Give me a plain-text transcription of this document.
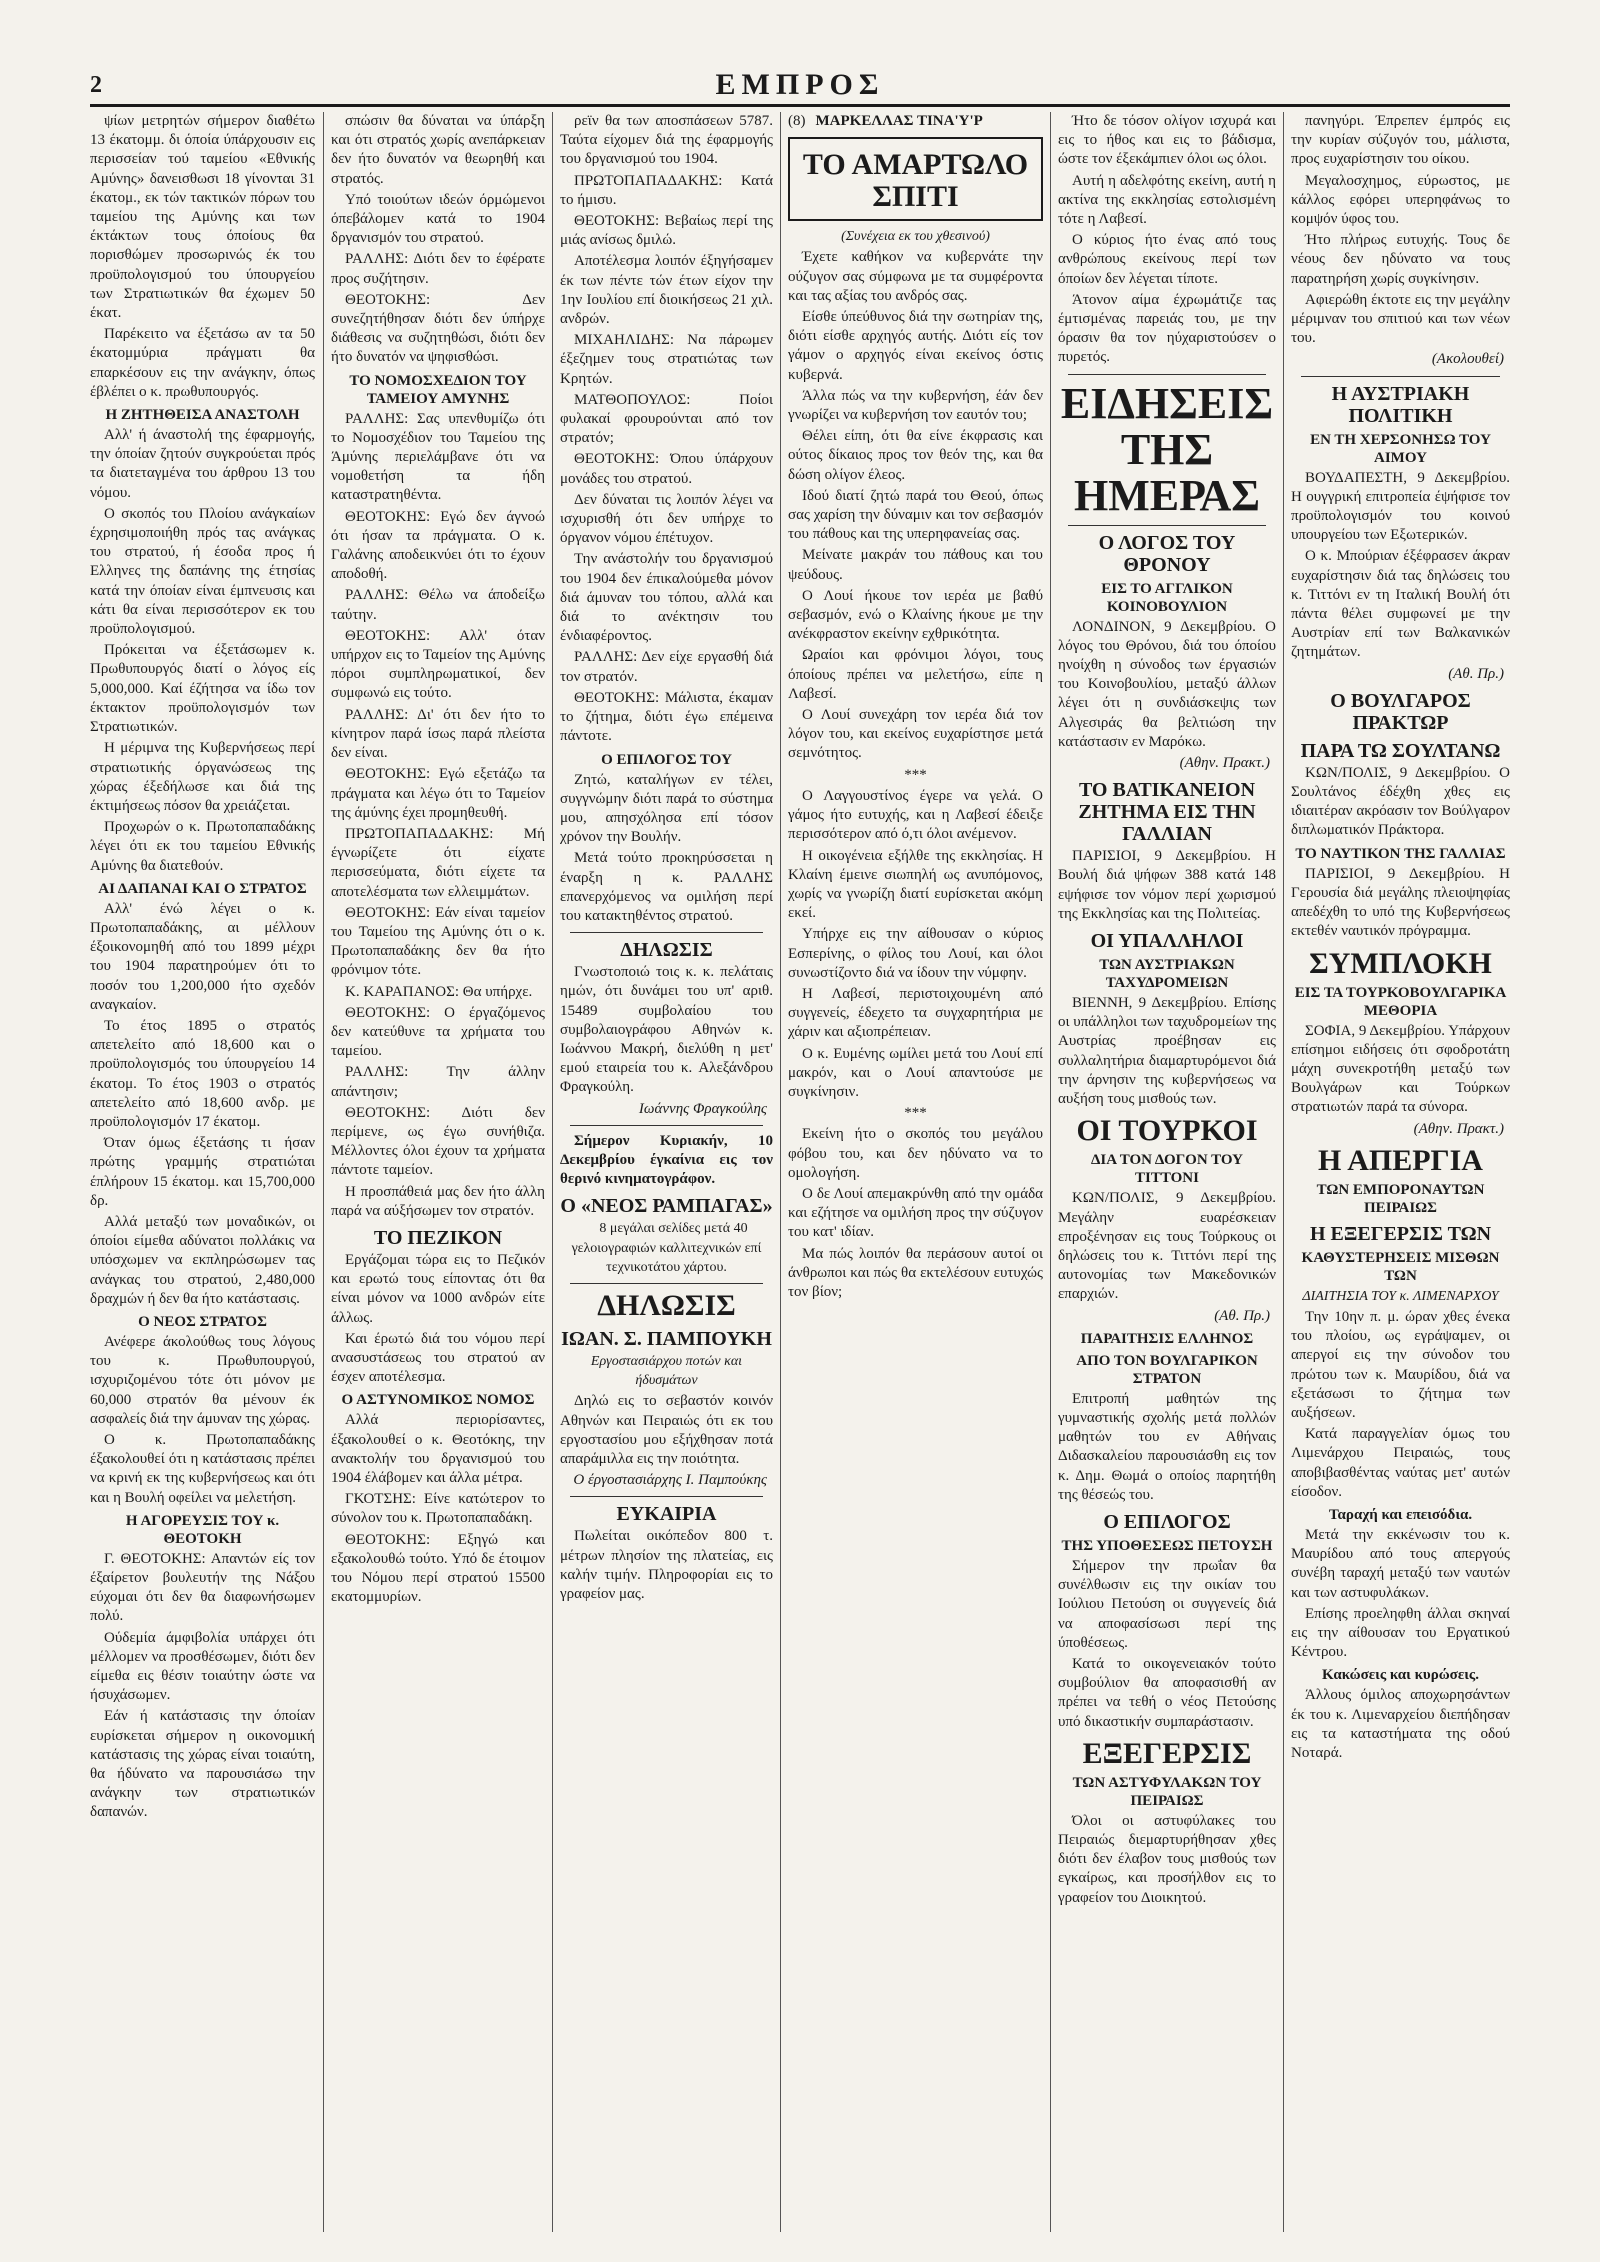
2	ΕΜΠΡΟΣ

ψίων μετρητών σήμερον διαθέτω 13 έκατομμ. δι όποία ύπάρχουσιν εις περισσείαν τού ταμείου «Εθνικής Αμύνης» δανεισθωσι 18 γίνονται 31 έκατομ., εκ τών τακτικών πόρων του ταμείου της Αμύνης και των έκτάκτων τους όποίους θα πορισθώμεν προσωρινώς έκ του προϋπολογισμού του ύπουργείου των Στρατιωτικών θα έχωμεν 50 έκατ.

Παρέκειτο να έξετάσω αν τα 50 έκατομμύρια πράγματι θα επαρκέσουν εις την ανάγκην, όπως έβλέπει ο κ. πρωθυπουργός.

Η ΖΗΤΗΘΕΙΣΑ ΑΝΑΣΤΟΛΗ

Αλλ' ή άναστολή της έφαρμογής, την όποίαν ζητούν συγκρούεται πρός τα διατεταγμένα του άρθρου 13 του νόμου.

Ο σκοπός του Πλοίου ανάγκαίων έχρησιμοποιήθη πρός τας ανάγκας του στρατού, ή έσοδα προς ή Ελληνες της δαπάνης της έτησίας κατά την όποίαν είναι έμπνευσις και κάτι θα είναι περισσότερον εκ του προϋπολογισμού.

Πρόκειται να έξετάσωμεν κ. Πρωθυπουργός διατί ο λόγος είς 5,000,000. Καί έζήτησα να ίδω τον έκτακτον προϋπολογισμόν των Στρατιωτικών.

Η μέριμνα της Κυβερνήσεως περί στρατιωτικής όργανώσεως της χώρας έξεδήλωσε και διά της έκτιμήσεως πόσον θα χρειάζεται.

Προχωρών ο κ. Πρωτοπαπαδάκης λέγει ότι εκ του ταμείου Εθνικής Αμύνης θα διατεθούν.

ΑΙ ΔΑΠΑΝΑΙ ΚΑΙ Ο ΣΤΡΑΤΟΣ

Αλλ' ένώ λέγει ο κ. Πρωτοπαπαδάκης, αι μέλλουν έξοικονομηθή από του 1899 μέχρι του 1904 παρατηρούμεν ότι το ποσόν του 1,200,000 ήτο σχεδόν αναγκαίον.

Το έτος 1895 ο στρατός απετελείτο από 18,600 και ο προϋπολογισμός του ύπουργείου 14 έκατομ. Το έτος 1903 ο στρατός απετελείτο από 18,600 ανδρ. με προϋπολογισμόν 17 έκατομ.

Όταν όμως έξετάσης τι ήσαν πρώτης γραμμής στρατιώται έπλήρουν 15 έκατομ. και 15,700,000 δρ.

Αλλά μεταξύ των μοναδικών, οι όποίοι είμεθα αδύνατοι πολλάκις να υπόσχωμεν να εκπληρώσωμεν τας ανάγκας του στρατού, 2,480,000 δραχμών ή δεν θα ήτο κατάστασις.

Ο ΝΕΟΣ ΣΤΡΑΤΟΣ

Ανέφερε άκολούθως τους λόγους του κ. Πρωθυπουργού, ισχυριζομένου τότε ότι μόνον με 60,000 στρατόν θα μένουν έκ ασφαλείς διά την άμυναν της χώρας.

Ο κ. Πρωτοπαπαδάκης έξακολουθεί ότι η κατάστασις πρέπει να κρινή εκ της κυβερνήσεως και ότι και η Βουλή οφείλει να μελετήση.

Η ΑΓΟΡΕΥΣΙΣ ΤΟΥ κ. ΘΕΟΤΟΚΗ

Γ. ΘΕΟΤΟΚΗΣ: Απαντών είς τον έξαίρετον βουλευτήν της Νάξου εύχομαι ότι δεν θα διαφωνήσωμεν πολύ.

Ούδεμία άμφιβολία υπάρχει ότι μέλλομεν να προσθέσωμεν, διότι δεν είμεθα εις θέσιν τοιαύτην ώστε να ήσυχάσωμεν.

Εάν ή κατάστασις την όποίαν ευρίσκεται σήμερον η οικονομική κατάστασις της χώρας είναι τοιαύτη, θα ήδύνατο να παρουσιάσω την ανάγκην των στρατιωτικών δαπανών.

σπώσιν θα δύναται να ύπάρξη και ότι στρατός χωρίς ανεπάρκειαν δεν ήτο δυνατόν να θεωρηθή και στρατός.

Υπό τοιούτων ιδεών όρμώμενοι όπεβάλομεν κατά το 1904 δργανισμόν του στρατού.

ΡΑΛΛΗΣ: Διότι δεν το έφέρατε προς συζήτησιν.

ΘΕΟΤΟΚΗΣ: Δεν συνεζητήθησαν διότι δεν ύπήρχε διάθεσις να συζητηθώσι, διότι δεν ήτο δυνατόν να ψηφισθώσι.

ΤΟ ΝΟΜΟΣΧΕΔΙΟΝ ΤΟΥ ΤΑΜΕΙΟΥ ΑΜΥΝΗΣ

ΡΑΛΛΗΣ: Σας υπενθυμίζω ότι το Νομοσχέδιον του Ταμείου της Άμύνης περιελάμβανε ότι να νομοθετήση τα ήδη καταστρατηθέντα.

ΘΕΟΤΟΚΗΣ: Εγώ δεν άγνοώ ότι ήσαν τα πράγματα. Ο κ. Γαλάνης αποδεικνύει ότι το έχουν αποδοθή.

ΡΑΛΛΗΣ: Θέλω να άποδείξω ταύτην.

ΘΕΟΤΟΚΗΣ: Αλλ' όταν υπήρχον εις το Ταμείον της Αμύνης πόροι συμπληρωματικοί, δεν συμφωνώ εις τούτο.

ΡΑΛΛΗΣ: Δι' ότι δεν ήτο το κίνητρον παρά ίσως παρά πλείστα δεν είναι.

ΘΕΟΤΟΚΗΣ: Εγώ εξετάζω τα πράγματα και λέγω ότι το Ταμείον της άμύνης έχει προμηθευθή.

ΠΡΩΤΟΠΑΠΑΔΑΚΗΣ: Μή έγνωρίζετε ότι είχατε περισσεύματα, διότι είχετε τα αποτελέσματα των ελλειμμάτων.

ΘΕΟΤΟΚΗΣ: Εάν είναι ταμείον του Ταμείου της Αμύνης ότι ο κ. Πρωτοπαπαδάκης δεν θα ήτο φρόνιμον τότε.

Κ. ΚΑΡΑΠΑΝΟΣ: Θα υπήρχε.

ΘΕΟΤΟΚΗΣ: Ο έργαζόμενος δεν κατεύθυνε τα χρήματα του ταμείου.

ΡΑΛΛΗΣ: Την άλλην απάντησιν;

ΘΕΟΤΟΚΗΣ: Διότι δεν περίμενε, ως έγω συνήθιζα. Μέλλοντες όλοι έχουν τα χρήματα πάντοτε ταμείον.

Η προσπάθειά μας δεν ήτο άλλη παρά να αύξήσωμεν τον στρατόν.

ΤΟ ΠΕΖΙΚΟΝ

Εργάζομαι τώρα εις το Πεζικόν και ερωτώ τους είποντας ότι θα είναι μόνον να 1000 ανδρών είτε άλλως.

Και έρωτώ διά του νόμου περί ανασυστάσεως του στρατού αν έσχεν αποτέλεσμα.

Ο ΑΣΤΥΝΟΜΙΚΟΣ ΝΟΜΟΣ

Αλλά περιορίσαντες, έξακολουθεί ο κ. Θεοτόκης, την ανακτολήν του δργανισμού του 1904 έλάβομεν και άλλα μέτρα.

ΓΚΟΤΣΗΣ: Είνε κατώτερον το σύνολον του κ. Πρωτοπαπαδάκη.

ΘΕΟΤΟΚΗΣ: Εξηγώ και εξακολουθώ τούτο. Υπό δε έτοιμον του Νόμου περί στρατού 15500 εκατομμυρίων.

ρεϊν θα των αποσπάσεων 5787. Ταύτα είχομεν διά της έφαρμογής του δργανισμού του 1904.

ΠΡΩΤΟΠΑΠΑΔΑΚΗΣ: Κατά το ήμισυ.

ΘΕΟΤΟΚΗΣ: Βεβαίως περί της μιάς ανίσως δμιλώ.

Αποτέλεσμα λοιπόν έξηγήσαμεν έκ των πέντε τών έτων είχον την 1ην Ιουλίου επί διοικήσεως 21 χιλ. ανδρών.

ΜΙΧΑΗΛΙΔΗΣ: Να πάρωμεν έξεζημεν τους στρατιώτας των Κρητών.

ΜΑΤΘΟΠΟΥΛΟΣ: Ποίοι φυλακαί φρουρούνται από τον στρατόν;

ΘΕΟΤΟΚΗΣ: Όπου ύπάρχουν μονάδες του στρατού.

Δεν δύναται τις λοιπόν λέγει να ισχυρισθή ότι δεν υπήρχε το όργανον νόμου έπέτυχον.

Την ανάστολήν του δργανισμού του 1904 δεν έπικαλούμεθα μόνον διά άμυναν του τόπου, αλλά και διά το ανέκτησιν του ένδιαφέροντος.

ΡΑΛΛΗΣ: Δεν είχε εργασθή διά τον στρατόν.

ΘΕΟΤΟΚΗΣ: Μάλιστα, έκαμαν το ζήτημα, διότι έγω επέμεινα πάντοτε.

Ο ΕΠΙΛΟΓΟΣ ΤΟΥ

Ζητώ, καταλήγων εν τέλει, συγγνώμην διότι παρά το σύστημα μου, απησχόλησα επί τόσον χρόνον την Βουλήν.

Μετά τούτο προκηρύσσεται η έναρξη η κ. ΡΑΛΛΗΣ επανερχόμενος να ομιλήση περί του κατακτηθέντος στρατού.

ΔΗΛΩΣΙΣ

Γνωστοποιώ τοις κ. κ. πελάταις ημών, ότι δυνάμει του υπ' αριθ. 15489 συμβολαίου του συμβολαιογράφου Αθηνών κ. Ιωάννου Μακρή, διελύθη η μετ' εμού εταιρεία του κ. Αλεξάνδρου Φραγκούλη.

Ιωάννης Φραγκούλης

Σήμερον Κυριακήν, 10 Δεκεμβρίου έγκαίνια εις τον θερινό κινηματογράφον.

Ο «ΝΕΟΣ ΡΑΜΠΑΓΑΣ»

8 μεγάλαι σελίδες μετά 40 γελοιογραφιών καλλιτεχνικών επί τεχνικοτάτου χάρτου.

ΔΗΛΩΣΙΣ
ΙΩΑΝ. Σ. ΠΑΜΠΟΥΚΗ
Εργοστασιάρχου ποτών και ήδυσμάτων

Δηλώ εις το σεβαστόν κοινόν Αθηνών και Πειραιώς ότι εκ του εργοστασίου μου εξήχθησαν ποτά απαράμιλλα εις την ποιότητα.

Ο έργοστασιάρχης Ι. Παμπούκης
ΕΥΚΑΙΡΙΑ

Πωλείται οικόπεδον 800 τ. μέτρων πλησίον της πλατείας, εις καλήν τιμήν. Πληροφορίαι εις το γραφείον μας.

(8) ΜΑΡΚΕΛΛΑΣ ΤΙΝΑ'Υ'Ρ
ΤΟ ΑΜΑΡΤΩΛΟ ΣΠΙΤΙ
(Συνέχεια εκ του χθεσινού)

Έχετε καθήκον να κυβερνάτε την ούζυγον σας σύμφωνα με τα συμφέροντα και τας αξίας του ανδρός σας.

Είσθε ύπεύθυνος διά την σωτηρίαν της, διότι είσθε αρχηγός αυτής. Διότι είς τον γάμον ο αρχηγός είναι εκείνος όστις κυβερνά.

Άλλα πώς να την κυβερνήση, έάν δεν γνωρίζει να κυβερνήση τον εαυτόν του;

Θέλει είπη, ότι θα είνε έκφρασις και ούτος δίκαιος προς τον θεόν της, και θα δώση ολίγον έλεος.

Ιδού διατί ζητώ παρά του Θεού, όπως σας χαρίση την δύναμιν και τον σεβασμόν του πάθους και της υπερηφανείας σας.

Μείνατε μακράν του πάθους και του ψεύδους.

Ο Λουί ήκουε τον ιερέα με βαθύ σεβασμόν, ενώ ο Κλαίνης ήκουε με την ανέκφραστον εκείνην εχθρικότητα.

Ωραίοι και φρόνιμοι λόγοι, τους όποίους πρέπει να μελετήσω, είπε η Λαβεσί.

Ο Λουί συνεχάρη τον ιερέα διά τον λόγον του, και εκείνος ευχαρίστησε μετά σεμνότητος.

***

Ο Λαγγουστίνος έγερε να γελά. Ο γάμος ήτο ευτυχής, και η Λαβεσί έδειξε περισσότερον από ό,τι όλοι ανέμενον.

Η οικογένεια εξήλθε της εκκλησίας. Η Κλαίνη έμεινε σιωπηλή ως ανυπόμονος, χωρίς να γνωρίζη διατί ευρίσκεται ακόμη εκεί.

Υπήρχε εις την αίθουσαν ο κύριος Εσπερίνης, ο φίλος του Λουί, και όλοι συνωστίζοντο διά να ίδουν την νύμφην.

Η Λαβεσί, περιστοιχουμένη από συγγενείς, έδεχετο τα συγχαρητήρια με χάριν και αξιοπρέπειαν.

Ο κ. Ευμένης ωμίλει μετά του Λουί επί μακρόν, και ο Λουί απαντούσε με συγκίνησιν.

***

Εκείνη ήτο ο σκοπός του μεγάλου φόβου του, και δεν ηδύνατο να το ομολογήση.

Ο δε Λουί απεμακρύνθη από την ομάδα και εζήτησε να ομιλήση προς την σύζυγον του κατ' ιδίαν.

Μα πώς λοιπόν θα περάσουν αυτοί οι άνθρωποι και πώς θα εκτελέσουν ευτυχώς τον βίον;

Ήτο δε τόσον ολίγον ισχυρά και εις το ήθος και εις το βάδισμα, ώστε τον έξεκάμπιεν όλοι ως όλοι.

Αυτή η αδελφότης εκείνη, αυτή η ακτίνα της εκκλησίας εστολισμένη τότε η Λαβεσί.

Ο κύριος ήτο ένας από τους ανθρώπους εκείνους περί των όποίων δεν λέγεται τίποτε.

Άτονον αίμα έχρωμάτιζε τας έμτισμένας παρειάς του, με την όρασιν θα τον ηύχαριστούσεν ο πυρετός.

ΕΙΔΗΣΕΙΣ ΤΗΣ ΗΜΕΡΑΣ
Ο ΛΟΓΟΣ ΤΟΥ ΘΡΟΝΟΥ
ΕΙΣ ΤΟ ΑΓΓΛΙΚΟΝ ΚΟΙΝΟΒΟΥΛΙΟΝ

ΛΟΝΔΙΝΟΝ, 9 Δεκεμβρίου. Ο λόγος του Θρόνου, διά του όποίου ηνοίχθη η σύνοδος των έργασιών του Κοινοβουλίου, μεταξύ άλλων λέγει ότι η συνδιάσκεψις των Αλγεσιράς θα βελτιώση την κατάστασιν εν Μαρόκω.

(Αθην. Πρακτ.)
ΤΟ ΒΑΤΙΚΑΝΕΙΟΝ ΖΗΤΗΜΑ ΕΙΣ ΤΗΝ ΓΑΛΛΙΑΝ

ΠΑΡΙΣΙΟΙ, 9 Δεκεμβρίου. Η Βουλή διά ψήφων 388 κατά 148 εψήφισε τον νόμον περί χωρισμού της Εκκλησίας και της Πολιτείας.

ΟΙ ΥΠΑΛΛΗΛΟΙ
ΤΩΝ ΑΥΣΤΡΙΑΚΩΝ ΤΑΧΥΔΡΟΜΕΙΩΝ

ΒΙΕΝΝΗ, 9 Δεκεμβρίου. Επίσης οι υπάλληλοι των ταχυδρομείων της Αυστρίας προέβησαν εις συλλαλητήρια διαμαρτυρόμενοι διά την άρνησιν της κυβερνήσεως να αυξήση τους μισθούς των.

ΟΙ ΤΟΥΡΚΟΙ
ΔΙΑ ΤΟΝ ΔΟΓΟΝ ΤΟΥ ΤΙΤΤΟΝΙ

ΚΩΝ/ΠΟΛΙΣ, 9 Δεκεμβρίου. Μεγάλην ευαρέσκειαν επροξένησαν εις τους Τούρκους οι δηλώσεις του κ. Τιττόνι περί της αυτονομίας των Μακεδονικών επαρχιών.

(Αθ. Πρ.)
ΠΑΡΑΙΤΗΣΙΣ ΕΛΛΗΝΟΣ
ΑΠΟ ΤΟΝ ΒΟΥΛΓΑΡΙΚΟΝ ΣΤΡΑΤΟΝ

Επιτροπή μαθητών της γυμναστικής σχολής μετά πολλών μαθητών του εν Αθήναις Διδασκαλείου παρουσιάσθη εις τον κ. Δημ. Θωμά ο οποίος παρητήθη της θέσεώς του.

Ο ΕΠΙΛΟΓΟΣ
ΤΗΣ ΥΠΟΘΕΣΕΩΣ ΠΕΤΟΥΣΗ

Σήμερον την πρωΐαν θα συνέλθωσιν εις την οικίαν του Ιούλιου Πετούση οι συγγενείς διά να αποφασίσωσι περί της ύποθέσεως.

Κατά το οικογενειακόν τούτο συμβούλιον θα αποφασισθή αν πρέπει να τεθή ο νέος Πετούσης υπό δικαστικήν συμπαράστασιν.

ΕΞΕΓΕΡΣΙΣ
ΤΩΝ ΑΣΤΥΦΥΛΑΚΩΝ ΤΟΥ ΠΕΙΡΑΙΩΣ

Όλοι οι αστυφύλακες του Πειραιώς διεμαρτυρήθησαν χθες διότι δεν έλαβον τους μισθούς των εγκαίρως, και προσήλθον εις το γραφείον του Διοικητού.

πανηγύρι. Έπρεπεν έμπρός εις την κυρίαν σύζυγόν του, μάλιστα, προς ευχαρίστησιν του οίκου.

Μεγαλοσχημος, εύρωστος, με κάλλος εφόρει υπερηφάνως το κομψόν ύφος του.

Ήτο πλήρως ευτυχής. Τους δε νέους δεν ηδύνατο να τους παρατηρήση χωρίς συγκίνησιν.

Αφιερώθη έκτοτε εις την μεγάλην μέριμναν του σπιτιού και των νέων του.

(Ακολουθεί)
Η ΑΥΣΤΡΙΑΚΗ ΠΟΛΙΤΙΚΗ
ΕΝ ΤΗ ΧΕΡΣΟΝΗΣΩ ΤΟΥ ΑΙΜΟΥ

ΒΟΥΔΑΠΕΣΤΗ, 9 Δεκεμβρίου. Η ουγγρική επιτροπεία έψήφισε τον προϋπολογισμόν του κοινού υπουργείου των Εξωτερικών.

Ο κ. Μπούριαν έξέφρασεν άκραν ευχαρίστησιν διά τας δηλώσεις του κ. Τιττόνι εν τη Ιταλική Βουλή ότι πάντα θέλει συμφωνεί με την Αυστρίαν επί των Βαλκανικών ζητημάτων.

(Αθ. Πρ.)
Ο ΒΟΥΛΓΑΡΟΣ ΠΡΑΚΤΩΡ
ΠΑΡΑ ΤΩ ΣΟΥΛΤΑΝΩ

ΚΩΝ/ΠΟΛΙΣ, 9 Δεκεμβρίου. Ο Σουλτάνος έδέχθη χθες εις ιδιαιτέραν ακρόασιν τον Βούλγαρον διπλωματικόν Πράκτορα.

ΤΟ ΝΑΥΤΙΚΟΝ ΤΗΣ ΓΑΛΛΙΑΣ

ΠΑΡΙΣΙΟΙ, 9 Δεκεμβρίου. Η Γερουσία διά μεγάλης πλειοψηφίας απεδέχθη το υπό της Κυβερνήσεως εκτεθέν ναυτικόν πρόγραμμα.

ΣΥΜΠΛΟΚΗ
ΕΙΣ ΤΑ ΤΟΥΡΚΟΒΟΥΛΓΑΡΙΚΑ ΜΕΘΟΡΙΑ

ΣΟΦΙΑ, 9 Δεκεμβρίου. Υπάρχουν επίσημοι ειδήσεις ότι σφοδροτάτη μάχη συνεκροτήθη μεταξύ των Βουλγάρων και Τούρκων στρατιωτών παρά τα σύνορα.

(Αθην. Πρακτ.)
Η ΑΠΕΡΓΙΑ
ΤΩΝ ΕΜΠΟΡΟΝΑΥΤΩΝ ΠΕΙΡΑΙΩΣ
Η ΕΞΕΓΕΡΣΙΣ ΤΩΝ
ΚΑΘΥΣΤΕΡΗΣΕΙΣ ΜΙΣΘΩΝ ΤΩΝ
ΔΙΑΙΤΗΣΙΑ ΤΟΥ κ. ΛΙΜΕΝΑΡΧΟΥ

Την 10ην π. μ. ώραν χθες ένεκα του πλοίου, ως εγράψαμεν, οι απεργοί εις την σύνοδον του πρώτου των κ. Μαυρίδου, διά να εξετάσωσι το ζήτημα των αυξήσεων.

Κατά παραγγελίαν όμως του Λιμενάρχου Πειραιώς, τους αποβιβασθέντας ναύτας μετ' αυτών είσοδον.

Ταραχή και επεισόδια.

Μετά την εκκένωσιν του κ. Μαυρίδου από τους απεργούς συνέβη ταραχή μεταξύ των ναυτών και των αστυφυλάκων.

Επίσης προεληφθη άλλαι σκηναί εις την αίθουσαν του Εργατικού Κέντρου.

Κακώσεις και κυρώσεις.

Άλλους όμιλος αποχωρησάντων έκ του κ. Λιμεναρχείου διεπήδησαν εις τα καταστήματα της οδού Νοταρά.
